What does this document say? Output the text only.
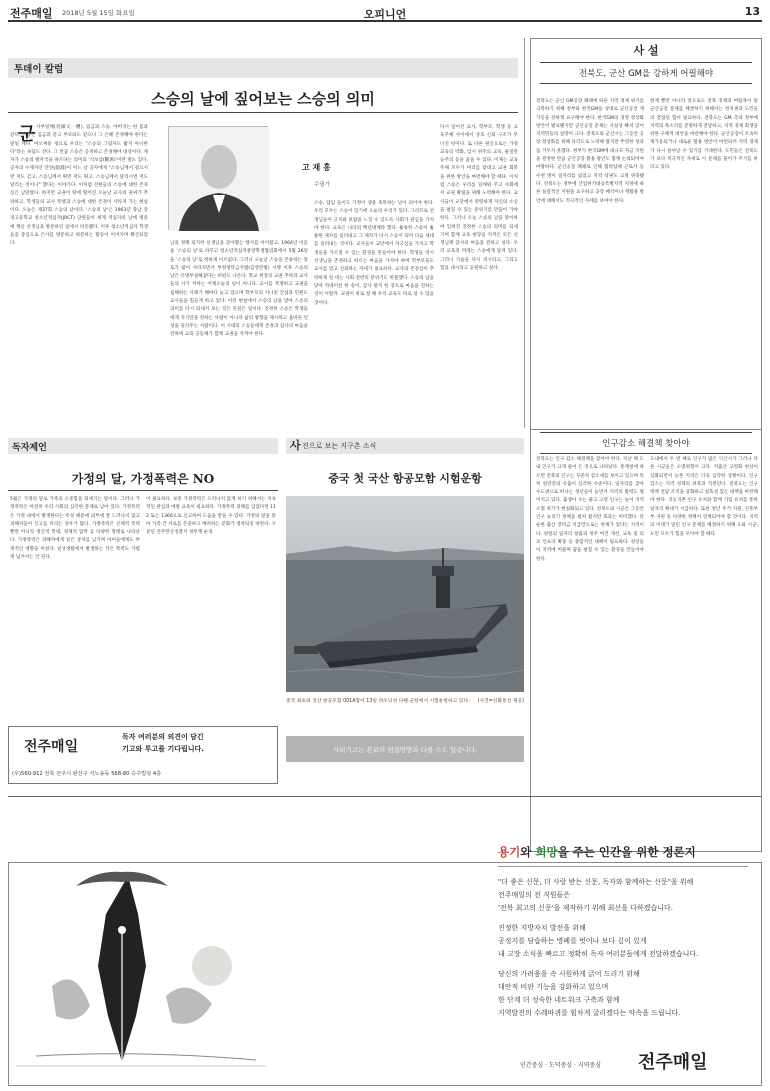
전주매일 2018년 5월 15일 화요일	오피니언	13
투데이 칼럼
스승의 날에 짚어보는 스승의 의미
고 재 홍
수필가
군 사부일체(君師父一體). 임금과 스승, 아버지는 한 몸과 같다. 스승은 임금과 같고 부모와도 같으니 그 은혜 존경해야 한다는 말일 게다. 마오쩌둥 청으로 우리는 "스승의 그림자도 밟지 아니한다"라는 속담도 진다. 그 만큼 스승은 공경하고 존경해야 대상이다. 제자가 스승의 발자국을 따르다는 의미의 '석보삼(斷席)'이란 말도 있다. 공자의 수제자인 안연(顔淵)이 어느 날 공자에게 "스승님께서 걸으시면 저도 걷고, 스승님께서 뛰면 저도 뛰고, 스승님께서 달리시면 저도 달리는 것이니" 했다는 이야기다. 이처럼 선현들의 스승에 대한 존경심은 남달랐다. 하지만 교권이 땅에 떨어진 오늘날 교사의 권위가 추락하고, 학생들의 교사 폭행과 스승에 대한 존경이 사라져 가는 현실이다. 오늘은 제37회 스승의 날이다. '스승의 날'은 1963년 충남 강경고등학교 청소년적십자(JRCT) 단원들이 세계 적십자의 날에 병중에 계신 선생님을 방문하던 일에서 비롯됐다. 이후 청소년적십자 학생들을 중심으로 은사를 방문하고 위문하는 활동이 이어지며 확산되었다.	남을 정해 퇴직한 선생님을 찾아뵙는 행사를 이어왔고, 1964년 이름을 '스승의 날'로 바꾸고 청소년적십자중앙학생협의회에서 5월 26일을 '스승의 날'로 정하게 이르렀다. 그러나 오늘날 스승을 존중하는 풍토가 많이 사라지면서 부정청탁금지법(김영란법) 시행 이후 스승의 날은 유명무실해졌다는 비판도 나온다. 학교 현장의 교권 추락과 교사들의 사기 저하는 어제오늘의 일이 아니다. 교사를 폭행하고 교권을 침해하는 사례가 해마다 늘고 있으며 학부모의 지나친 간섭과 민원도 교사들을 힘들게 하고 있다. 이런 현실에서 스승의 날을 맞아 스승의 의미를 다시 되새겨 보는 것은 뜻깊은 일이다. 진정한 스승은 학생들에게 지식만을 전하는 사람이 아니라 삶의 방향을 제시하고 올바른 인성을 길러주는 사람이다. 이 시대의 스승들에게 존경과 감사의 마음을 전하며 교육 공동체가 함께 교권을 지켜야 한다.
스승, 담임 들이도 가정이 생을 축복하는 날이 되어야 한다. 우리 모두는 스승이 있기에 오늘의 우리가 있다. 그러므로 선생님들이 긍지와 보람을 느낄 수 있도록 사회가 관심을 가져야 한다. 교육은 나라의 백년대계라 했다. 훌륭한 스승이 훌륭한 제자를 길러내고 그 제자가 다시 스승이 되어 다음 세대를 길러내는 것이다. 교사들이 교단에서 자긍심을 가지고 학생들을 가르칠 수 있는 환경을 만들어야 한다. 학생들 역시 선생님을 존경하고 따르는 마음을 가져야 하며 학부모들도 교사를 믿고 신뢰하는 자세가 필요하다. 교사의 존경심이 추락하게 된 데는 사회 전반의 분위기도 한몫했다. 스승의 날을 맞아 카네이션 한 송이, 감사 편지 한 장으로 마음을 전하는 것이 어떨까. 교권이 바로 설 때 우리 교육도 바로 설 수 있을 것이다.
다시 일어선 교사, 학부모, 학생 등 교육주체 사이에서 상호 신뢰 구조가 무너진 탓이다. 또 다른 원인으로는 가정교육의 약화, 입시 위주의 교육, 물질만능주의 등을 꼽을 수 있다. 이제는 교육 주체 모두가 머리를 맞대고 교권 회복을 위한 방안을 마련해야 할 때다. 이처럼 스승은 우리를 일깨워 주고 사회에서 교권 확립을 위해 노력해야 한다. 교사들이 교단에서 떳떳하게 자신의 소신을 펼칠 수 있는 분위기를 만들어 가야 한다. 그러나 오늘 스승의 날을 맞이하여 잊혀진 진정한 스승의 의미를 되새기며 함께 교육 현장을 지켜온 모든 선생님께 감사의 마음을 전하고 싶다. 우리 교육의 미래는 스승에게 달려 있다. 그러니 가슴을 다시 펴시라고, 그리고 힘을 내시라고 응원하고 싶다.
사 설
전북도, 군산 GM을 강하게 어필해야
전북도는 군산 GM공장 폐쇄에 따른 지역 경제 위기를 극복하기 위해 정부와 한국GM을 상대로 군산공장 재가동을 강하게 요구해야 한다. 한국GM의 경영 정상화 방안이 발표됐지만 군산공장 문제는 사실상 빠져 있어 지역민들의 실망이 크다. 전북도와 군산시는 그동안 공장 정상화를 위해 다각도로 노력해 왔지만 뚜렷한 성과를 거두지 못했다. 정부가 한국GM에 대규모 자금 지원을 결정한 만큼 군산공장 활용 방안도 함께 논의되어야 마땅하다. 군산공장 폐쇄로 인해 협력업체 근로자 등 수천 명이 일자리를 잃었고 지역 상권도 크게 위축됐다. 전북도는 정부에 산업위기대응특별지역 지정에 따른 실질적인 지원을 요구하고 공장 매각이나 재활용 방안에 대해서도 적극적인 자세를 보여야 한다.
현재 뿐만 아니라 앞으로도 전북 경제의 버팀목이 될 군산공장 문제를 해결하기 위해서는 정치권과 도민들의 결집된 힘이 필요하다. 전북도는 GM 측과 정부에 지역의 목소리를 분명하게 전달하고, 지역 경제 회생을 위한 구체적 대안을 마련해야 한다. 군산공장이 조속히 재가동되거나 새로운 활용 방안이 마련되어 지역 경제가 다시 살아날 수 있기를 기대한다. 도민들은 전북도가 보다 적극적인 자세로 이 문제를 풀어가 주기를 바라고 있다.
인구감소 해결책 찾아야
전북도는 인구 감소 해결책을 찾아야 한다. 지난 해 도내 인구가 크게 줄어 든 것으로 나타났다. 통계청에 따르면 전북의 인구는 꾸준히 감소세를 보이고 있으며 특히 청년층의 유출이 심각한 수준이다. 일자리를 찾아 수도권으로 떠나는 청년들이 늘면서 지역의 활력도 떨어지고 있다. 출생아 수는 줄고 고령 인구는 늘어 지역 소멸 위기가 현실화되고 있다. 전북도와 시군은 그동안 인구 늘리기 정책을 펼쳐 왔지만 효과는 미미했다. 단순한 출산 장려금 지급만으로는 한계가 있다는 지적이다. 양질의 일자리 창출과 정주 여건 개선, 교육 및 의료 인프라 확충 등 종합적인 대책이 필요하다. 청년들이 지역에 머물며 꿈을 펼칠 수 있는 환경을 만들어야 한다.
도내에서 두 번 째로 인구가 많은 익산시가 그러나 다른 시군들은 소멸위험이 크다. 저출산 고령화 현상이 심화되면서 농촌 지역은 더욱 심각한 상황이다. 인구 감소는 지역 경제의 위축과 직결된다. 전북도는 인구 정책 전담 조직을 강화하고 실효성 있는 대책을 마련해야 한다. 귀농귀촌 인구 유치와 함께 기업 유치를 통한 일자리 확대가 시급하다. 또한 청년 주거 지원, 신혼부부 지원 등 다양한 정책이 연계되어야 할 것이다. 지역의 미래가 달린 인구 문제를 해결하기 위해 도와 시군, 도민 모두가 힘을 모아야 할 때다.
독자제언
가정의 달, 가정폭력은 NO
5월은 가정의 달로 가족의 소중함을 되새기는 달이다. 그러나 가정폭력은 여전히 우리 사회의 심각한 문제로 남아 있다. 가정폭력은 가정 내에서 발생한다는 특성 때문에 외부에 잘 드러나지 않고 피해자들이 신고를 꺼리는 경우가 많다. 가정폭력은 신체적 폭력뿐만 아니라 정신적 학대, 경제적 압박 등 다양한 형태로 나타난다. 가정폭력은 피해자에게 깊은 상처를 남기며 아이들에게도 부정적인 영향을 미친다. 일상생활에서 발생하는 작은 폭력도 가볍게 넘겨서는 안 된다.
이 필요하다. 보통 가정폭력은 드러나지 않게 하기 위해서는 지속적인 관심과 예방 교육이 필요하다. 가정폭력 피해를 입었다면 112 또는 1366으로 신고하여 도움을 받을 수 있다. 가정의 달을 맞아 가족 간 서로를 존중하고 배려하는 문화가 정착되길 바란다. 구분된 전주완산경찰서 경무계 순경
전주매일
독자 여러분의 의견이 담긴
기고와 투고를 기다립니다.
(우)560-912 전북 전주시 완산구 서노송동 568-80 승주빌딩 4층
사 진으로 보는 지구촌 소식
중국 첫 국산 항공모함 시험운항
중국 최초의 국산 항공모함 001A함이 13일 랴오닝성 다롄 군항에서 시험운항하고 있다. (사진=신화통신 제공)
사외기고는 본보의 편집방향과 다를 수도 있습니다.
용기와 희망을 주는 인간을 위한 정론지
"더 좋은 신문, 더 사랑 받는 신문, 독자와 함께하는 신문"을 위해
전주매일의 전 직원들은
'전북 최고의 신문'을 제작하기 위해 최선을 다하겠습니다.
진정한 지방자치 발전을 위해
공정지를 담습하는 병폐를 벗어나 보다 깊이 있게
내 고장 소식을 빠르고 정확히 독자 여러분들에게 전달하겠습니다.
당신의 가려움을 속 시원하게 긁어 드리기 위해
대안적 비판 기능을 강화하고 있으며
한 단계 더 성숙한 네트워크 구축과 함께
지역발전의 수레바퀴를 힘차게 굴리겠다는 약속을 드립니다.
인간중심 · 도덕중심 · 지역중심 전주매일
